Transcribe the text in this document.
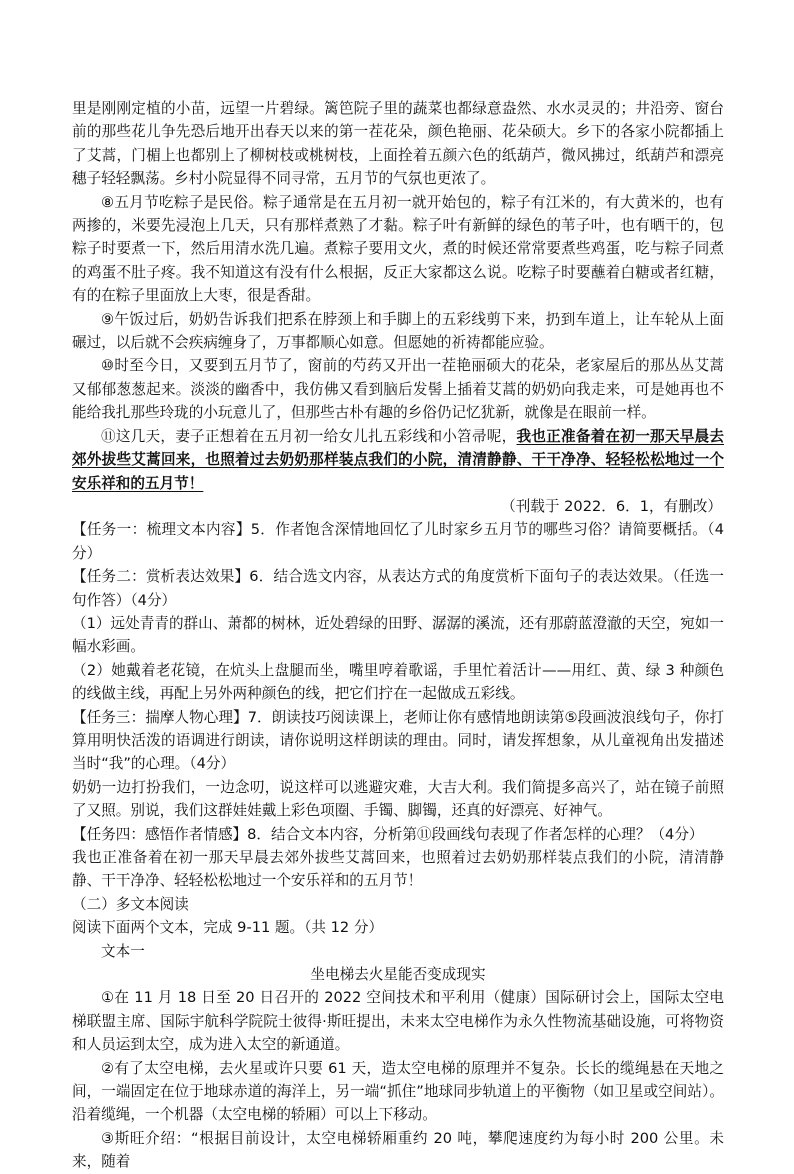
里是刚刚定植的小苗，远望一片碧绿。篱笆院子里的蔬菜也都绿意盎然、水水灵灵的；井沿旁、窗台前的那些花儿争先恐后地开出春天以来的第一茬花朵，颜色艳丽、花朵硕大。乡下的各家小院都插上了艾蒿，门楣上也都别上了柳树枝或桃树枝，上面拴着五颜六色的纸葫芦，微风拂过，纸葫芦和漂亮穗子轻轻飘荡。乡村小院显得不同寻常，五月节的气氛也更浓了。

⑧五月节吃粽子是民俗。粽子通常是在五月初一就开始包的，粽子有江米的，有大黄米的，也有两掺的，米要先浸泡上几天，只有那样煮熟了才黏。粽子叶有新鲜的绿色的苇子叶，也有晒干的，包粽子时要煮一下，然后用清水洗几遍。煮粽子要用文火，煮的时候还常常要煮些鸡蛋，吃与粽子同煮的鸡蛋不肚子疼。我不知道这有没有什么根据，反正大家都这么说。吃粽子时要蘸着白糖或者红糖，有的在粽子里面放上大枣，很是香甜。

⑨午饭过后，奶奶告诉我们把系在脖颈上和手脚上的五彩线剪下来，扔到车道上，让车轮从上面碾过，以后就不会疾病缠身了，万事都顺心如意。但愿她的祈祷都能应验。

⑩时至今日，又要到五月节了，窗前的芍药又开出一茬艳丽硕大的花朵，老家屋后的那丛丛艾蒿又郁郁葱葱起来。淡淡的幽香中，我仿佛又看到脑后发髻上插着艾蒿的奶奶向我走来，可是她再也不能给我扎那些玲珑的小玩意儿了，但那些古朴有趣的乡俗仍记忆犹新，就像是在眼前一样。

⑪这几天，妻子正想着在五月初一给女儿扎五彩线和小笤帚呢，我也正准备着在初一那天早晨去郊外拔些艾蒿回来，也照着过去奶奶那样装点我们的小院，清清静静、干干净净、轻轻松松地过一个安乐祥和的五月节！

（刊载于 2022．6．1，有删改）

【任务一：梳理文本内容】5．作者饱含深情地回忆了儿时家乡五月节的哪些习俗？请简要概括。（4分）

【任务二：赏析表达效果】6．结合选文内容，从表达方式的角度赏析下面句子的表达效果。（任选一句作答）（4分）

（1）远处青青的群山、萧都的树林，近处碧绿的田野、潺潺的溪流，还有那蔚蓝澄澈的天空，宛如一幅水彩画。

（2）她戴着老花镜，在炕头上盘腿而坐，嘴里哼着歌谣，手里忙着活计——用红、黄、绿 3 种颜色的线做主线，再配上另外两种颜色的线，把它们拧在一起做成五彩线。

【任务三：揣摩人物心理】7．朗读技巧阅读课上，老师让你有感情地朗读第⑤段画波浪线句子，你打算用明快活泼的语调进行朗读，请你说明这样朗读的理由。同时，请发挥想象，从儿童视角出发描述当时“我”的心理。（4分）

奶奶一边打扮我们，一边念叨，说这样可以逃避灾难，大吉大利。我们简提多高兴了，站在镜子前照了又照。别说，我们这群娃娃戴上彩色项圈、手镯、脚镯，还真的好漂亮、好神气。

【任务四：感悟作者情感】8．结合文本内容，分析第⑪段画线句表现了作者怎样的心理？（4分）

我也正准备着在初一那天早晨去郊外拔些艾蒿回来，也照着过去奶奶那样装点我们的小院，清清静静、干干净净、轻轻松松地过一个安乐祥和的五月节！

（二）多文本阅读

阅读下面两个文本，完成 9-11 题。（共 12 分）

文本一

坐电梯去火星能否变成现实

①在 11 月 18 日至 20 日召开的 2022 空间技术和平利用（健康）国际研讨会上，国际太空电梯联盟主席、国际宇航科学院院士彼得·斯旺提出，未来太空电梯作为永久性物流基础设施，可将物资和人员运到太空，成为进入太空的新通道。

②有了太空电梯，去火星或许只要 61 天，造太空电梯的原理并不复杂。长长的缆绳悬在天地之间，一端固定在位于地球赤道的海洋上，另一端“抓住”地球同步轨道上的平衡物（如卫星或空间站）。沿着缆绳，一个机器（太空电梯的轿厢）可以上下移动。

③斯旺介绍：“根据目前设计，太空电梯轿厢重约 20 吨，攀爬速度约为每小时 200 公里。未来，随着
